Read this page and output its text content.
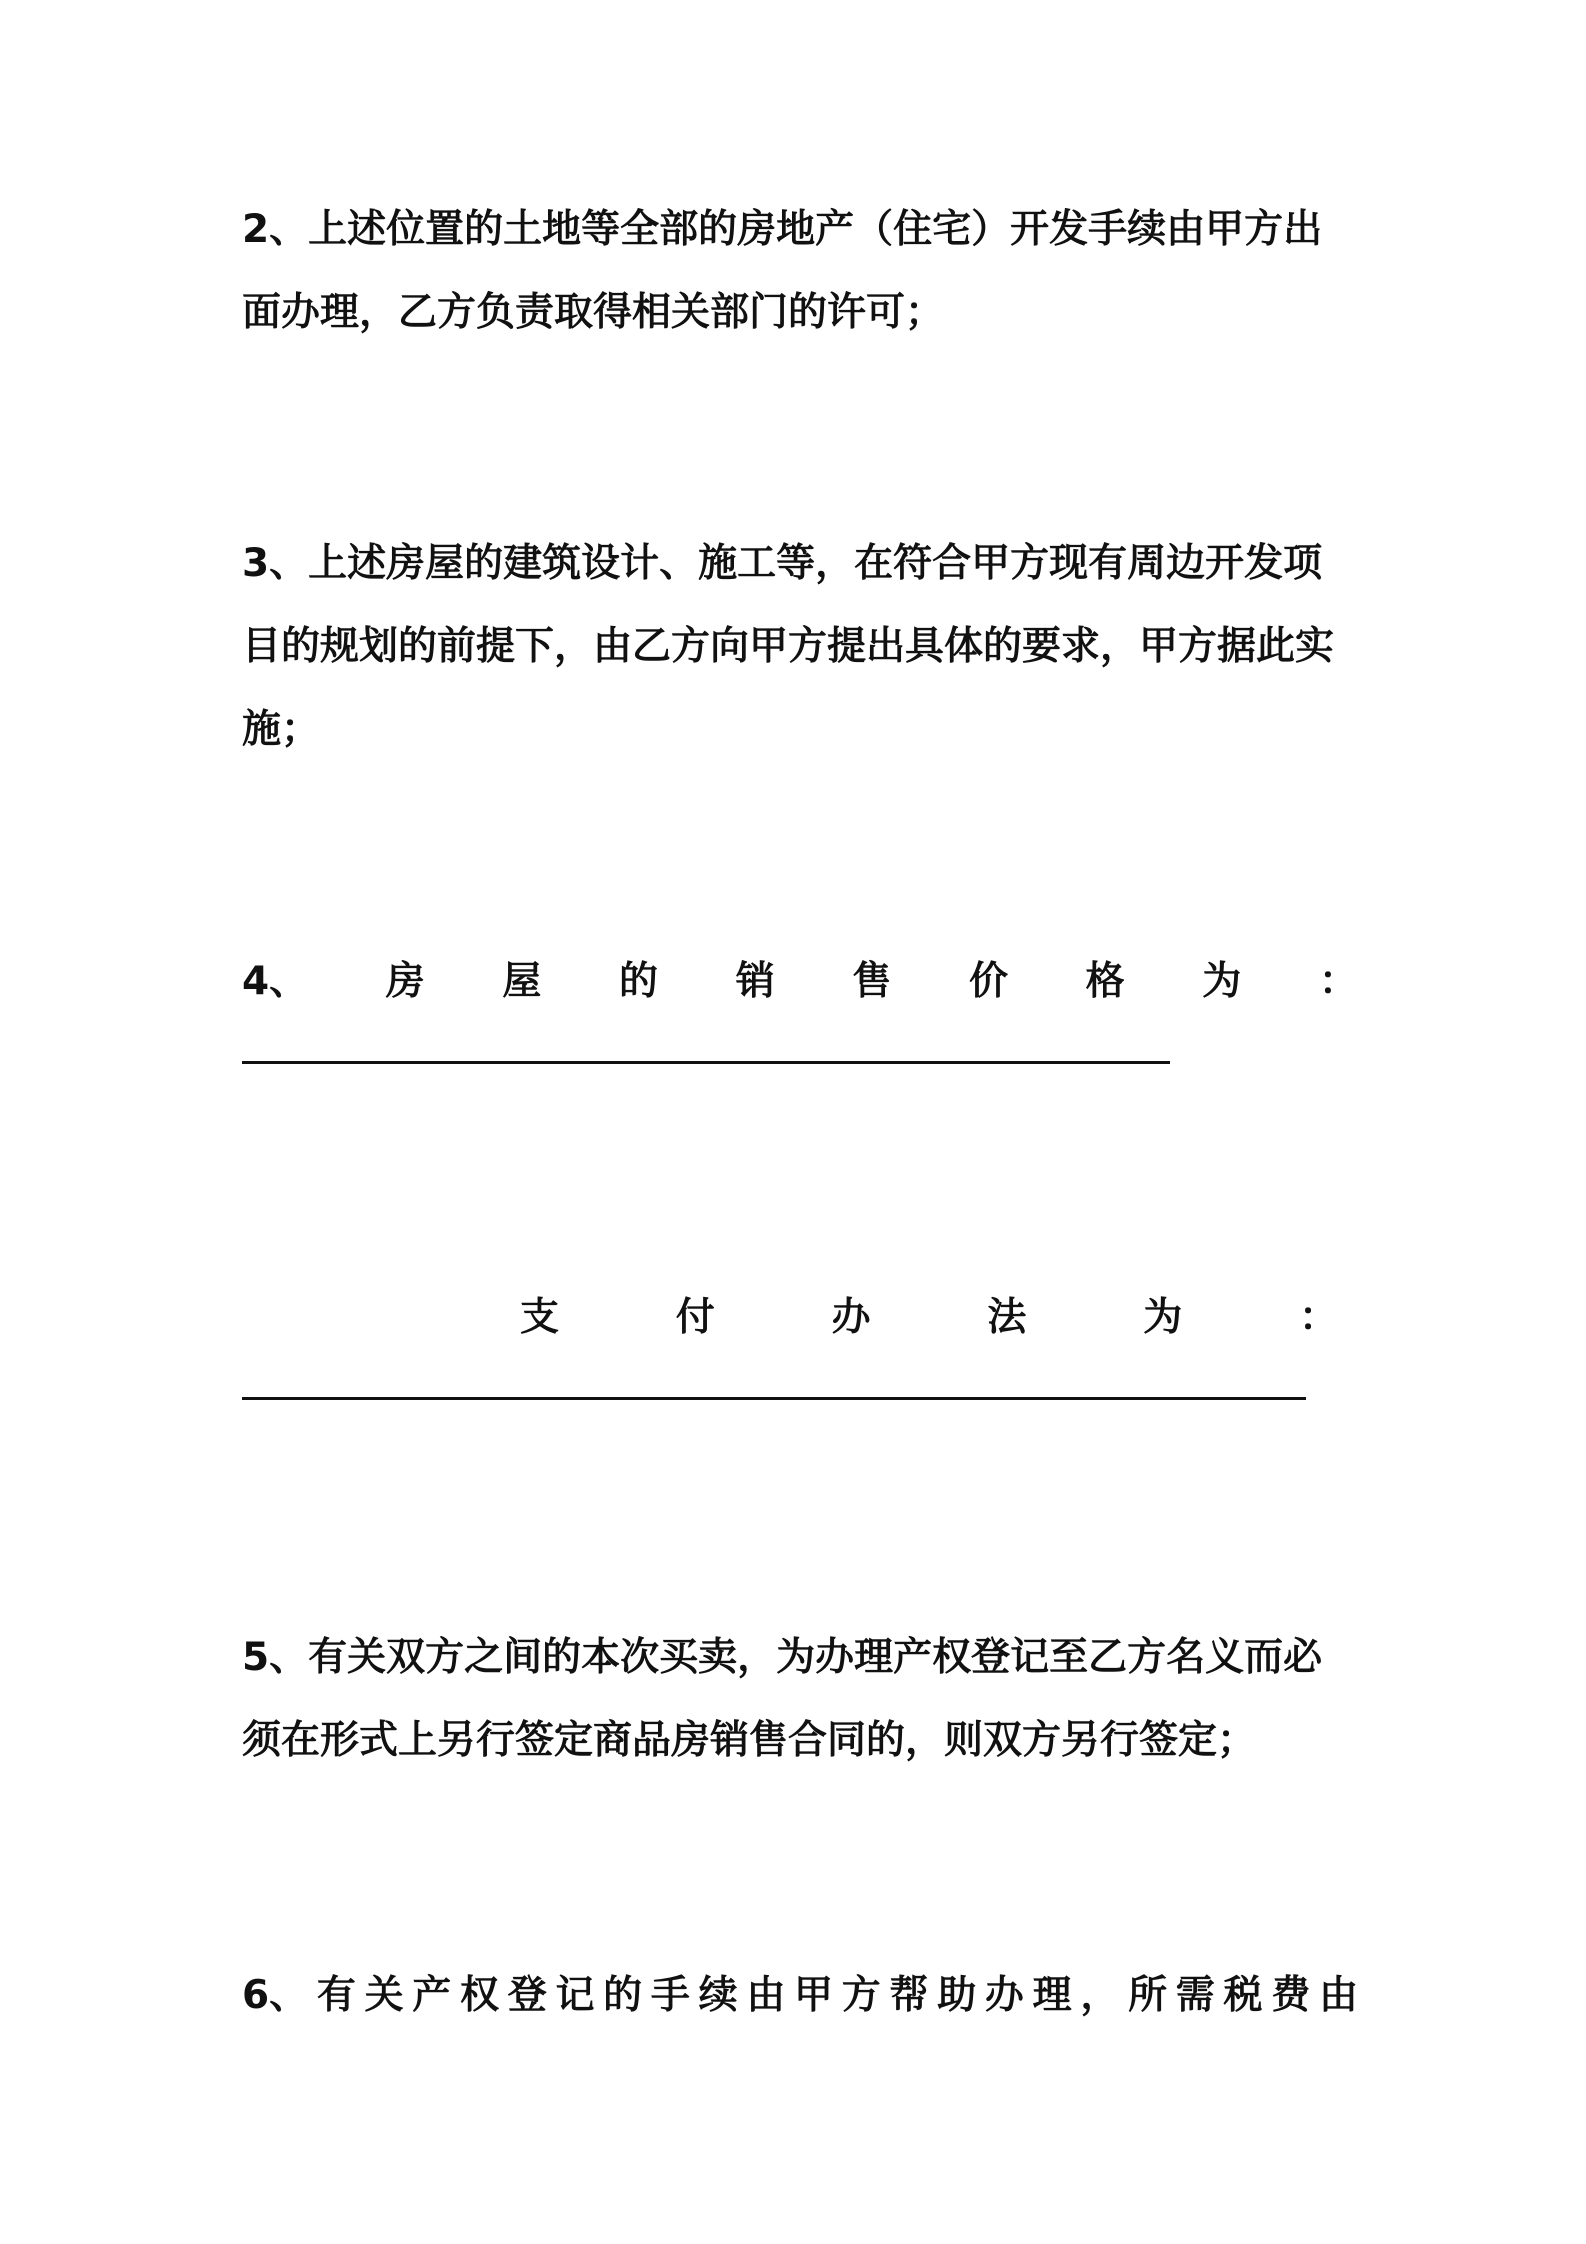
2、上述位置的土地等全部的房地产（住宅）开发手续由甲方出
面办理，乙方负责取得相关部门的许可；
3、上述房屋的建筑设计、施工等，在符合甲方现有周边开发项
目的规划的前提下，由乙方向甲方提出具体的要求，甲方据此实
施；
4、 房 屋 的 销 售 价 格 为 ：
支	付	办	法	为	：
5、有关双方之间的本次买卖，为办理产权登记至乙方名义而必
须在形式上另行签定商品房销售合同的，则双方另行签定；
6、 有 关 产 权 登 记 的 手 续 由 甲 方 帮 助 办 理 ， 所 需 税 费 由
